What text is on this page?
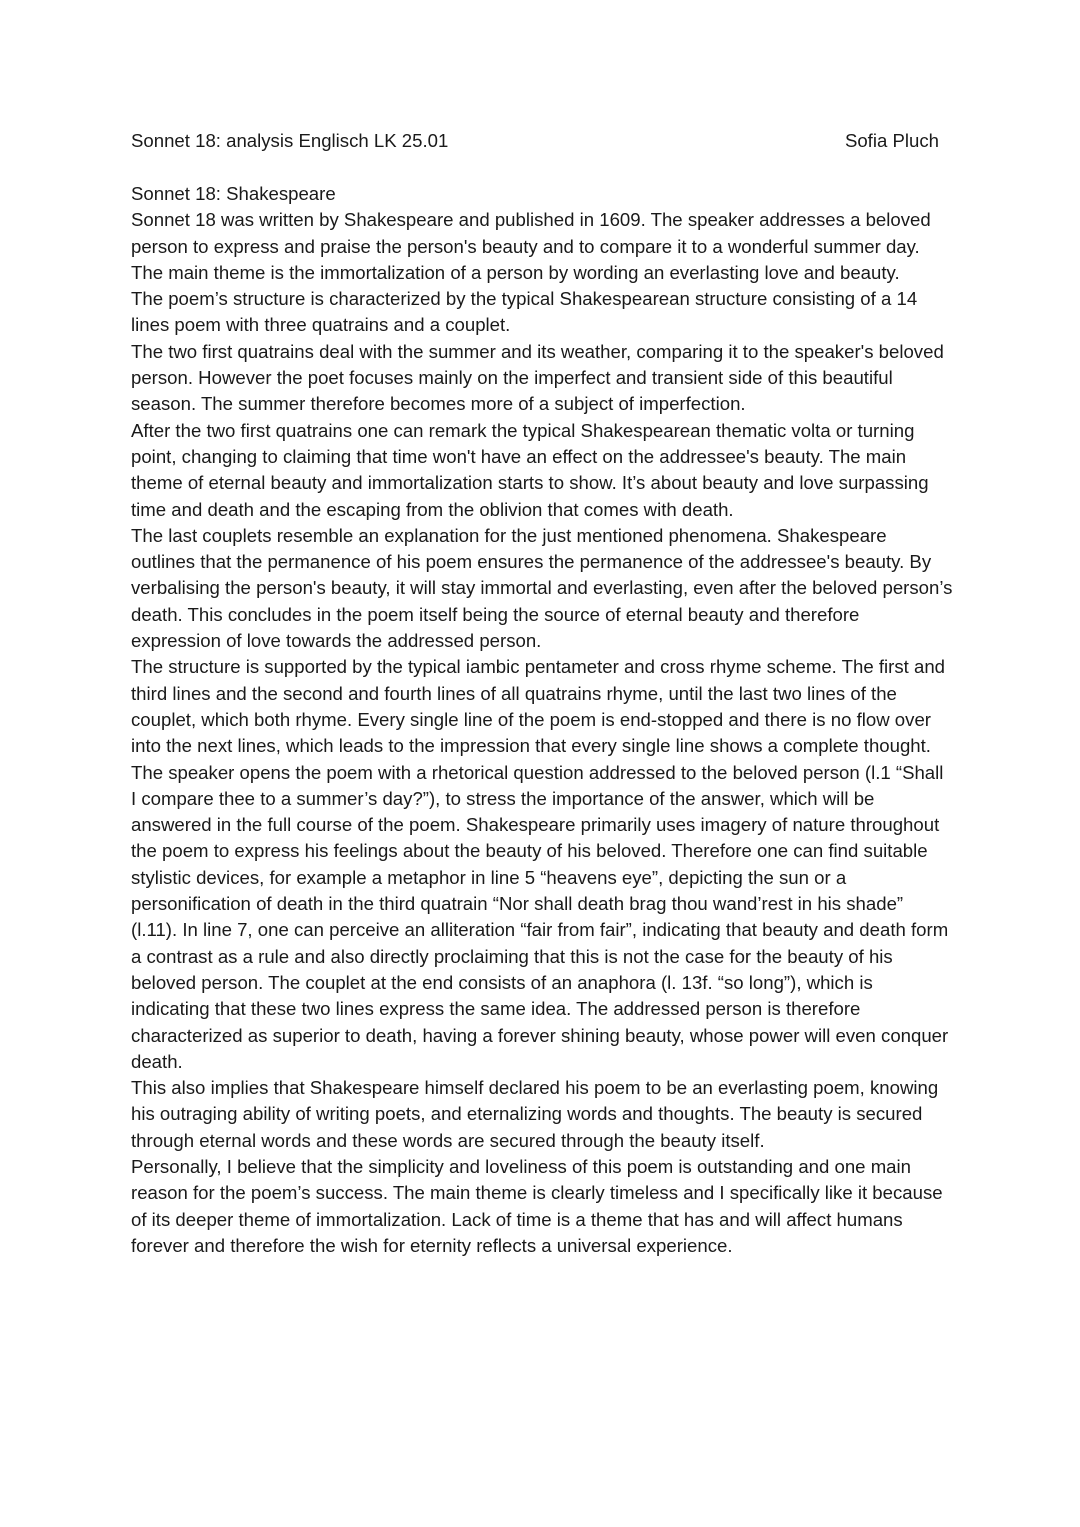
Sonnet 18: analysis Englisch LK 25.01	Sofia Pluch
Sonnet 18: Shakespeare

Sonnet 18 was written by Shakespeare and published in 1609. The speaker addresses a beloved person to express and praise the person's beauty and to compare it to a wonderful summer day. The main theme is the immortalization of a person by wording an everlasting love and beauty.

The poem’s structure is characterized by the typical Shakespearean structure consisting of a 14 lines poem with three quatrains and a couplet.

The two first quatrains deal with the summer and its weather, comparing it to the speaker's beloved person. However the poet focuses mainly on the imperfect and transient side of this beautiful season. The summer therefore becomes more of a subject of imperfection.

After the two first quatrains one can remark the typical Shakespearean thematic volta or turning point, changing to claiming that time won't have an effect on the addressee's beauty. The main theme of eternal beauty and immortalization starts to show. It’s about beauty and love surpassing time and death and the escaping from the oblivion that comes with death.

The last couplets resemble an explanation for the just mentioned phenomena. Shakespeare outlines that the permanence of his poem ensures the permanence of the addressee's beauty. By verbalising the person's beauty, it will stay immortal and everlasting, even after the beloved person’s death. This concludes in the poem itself being the source of eternal beauty and therefore expression of love towards the addressed person.

The structure is supported by the typical iambic pentameter and cross rhyme scheme. The first and third lines and the second and fourth lines of all quatrains rhyme, until the last two lines of the couplet, which both rhyme. Every single line of the poem is end-stopped and there is no flow over into the next lines, which leads to the impression that every single line shows a complete thought.

The speaker opens the poem with a rhetorical question addressed to the beloved person (l.1 “Shall I compare thee to a summer’s day?”), to stress the importance of the answer, which will be answered in the full course of the poem. Shakespeare primarily uses imagery of nature throughout the poem to express his feelings about the beauty of his beloved. Therefore one can find suitable stylistic devices, for example a metaphor in line 5 “heavens eye”, depicting the sun or a personification of death in the third quatrain “Nor shall death brag thou wand’rest in his shade” (l.11). In line 7, one can perceive an alliteration “fair from fair”, indicating that beauty and death form a contrast as a rule and also directly proclaiming that this is not the case for the beauty of his beloved person. The couplet at the end consists of an anaphora (l. 13f. “so long”), which is indicating that these two lines express the same idea. The addressed person is therefore characterized as superior to death, having a forever shining beauty, whose power will even conquer death.

This also implies that Shakespeare himself declared his poem to be an everlasting poem, knowing his outraging ability of writing poets, and eternalizing words and thoughts. The beauty is secured through eternal words and these words are secured through the beauty itself.

Personally, I believe that the simplicity and loveliness of this poem is outstanding and one main reason for the poem’s success. The main theme is clearly timeless and I specifically like it because of its deeper theme of immortalization. Lack of time is a theme that has and will affect humans forever and therefore the wish for eternity reflects a universal experience.
